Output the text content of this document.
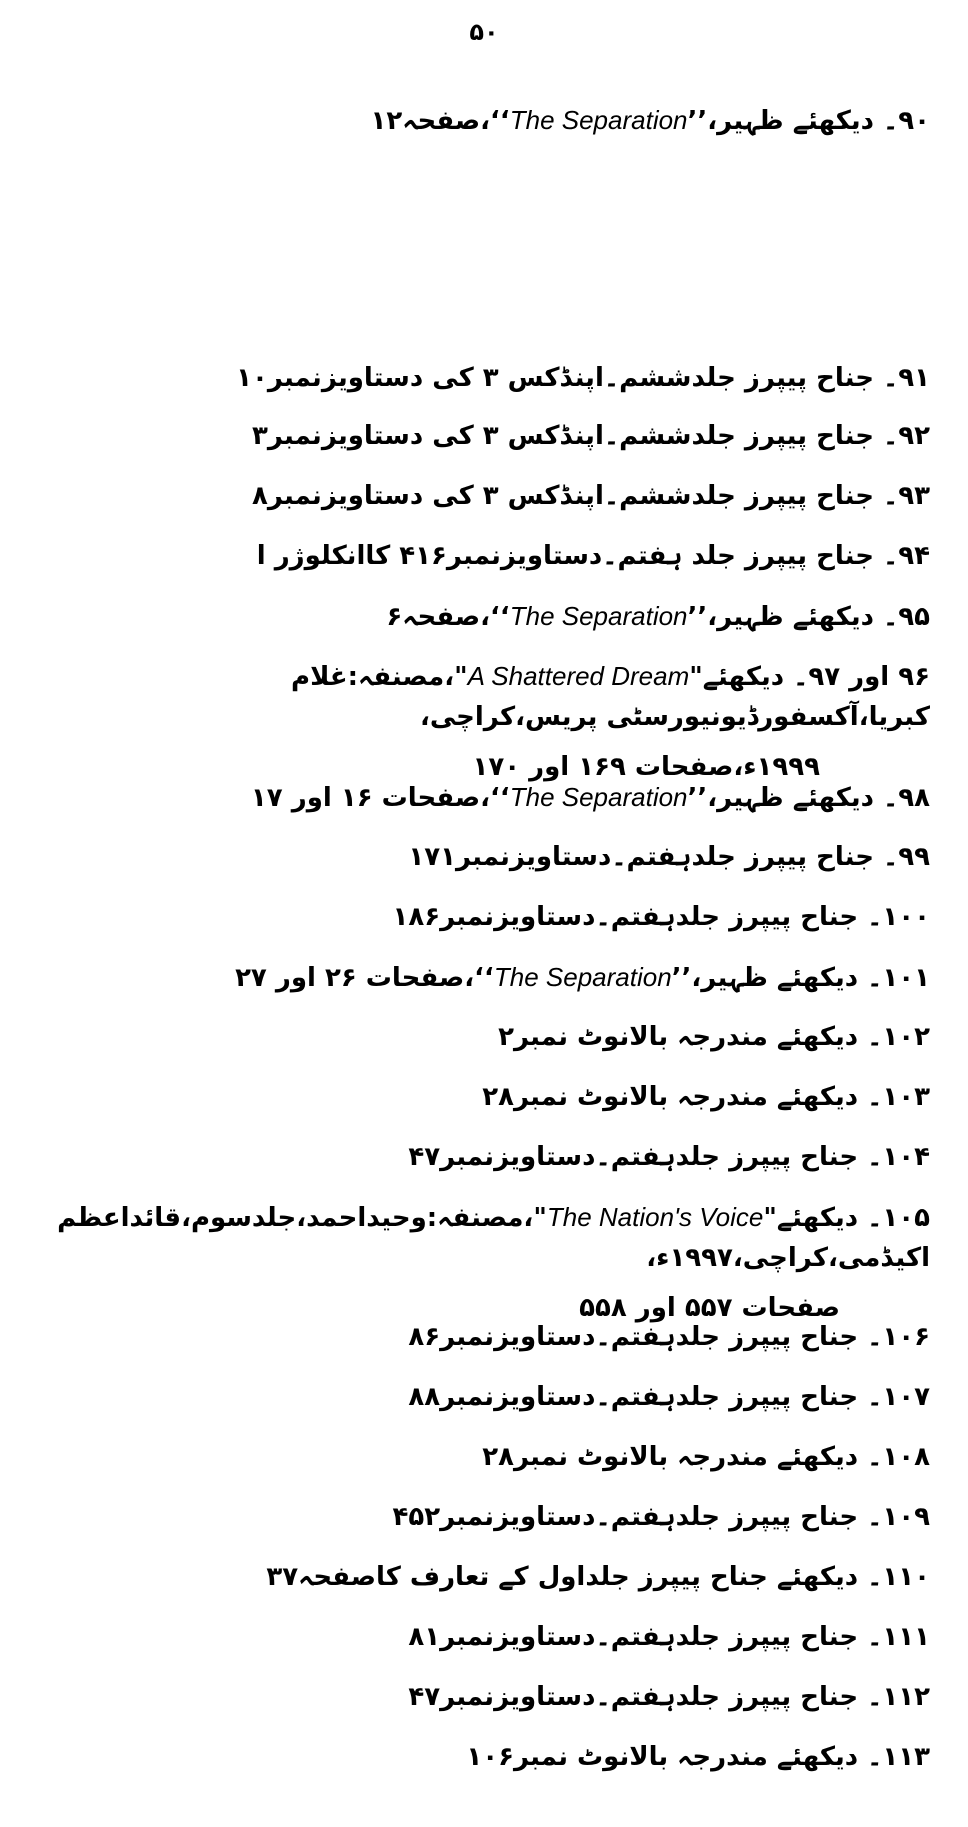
۵۰
۹۰۔ دیکھئے ظہیر،’’The Separation‘‘،صفحہ۱۲
۹۱۔ جناح پیپرز جلدششم۔اپنڈکس ۳ کی دستاویزنمبر۱۰
۹۲۔ جناح پیپرز جلدششم۔اپنڈکس ۳ کی دستاویزنمبر۳
۹۳۔ جناح پیپرز جلدششم۔اپنڈکس ۳ کی دستاویزنمبر۸
۹۴۔ جناح پیپرز جلد ہفتم۔دستاویزنمبر۴۱۶ کاانکلوژر ا
۹۵۔ دیکھئے ظہیر،’’The Separation‘‘،صفحہ۶
۹۶ اور ۹۷۔ دیکھئے"A Shattered Dream"،مصنفہ:غلام کبریا،آکسفورڈیونیورسٹی پریس،کراچی،
۱۹۹۹ء،صفحات ۱۶۹ اور ۱۷۰
۹۸۔ دیکھئے ظہیر،’’The Separation‘‘،صفحات ۱۶ اور ۱۷
۹۹۔ جناح پیپرز جلدہفتم۔دستاویزنمبر۱۷۱
۱۰۰۔ جناح پیپرز جلدہفتم۔دستاویزنمبر۱۸۶
۱۰۱۔ دیکھئے ظہیر،’’The Separation‘‘،صفحات ۲۶ اور ۲۷
۱۰۲۔ دیکھئے مندرجہ بالانوٹ نمبر۲
۱۰۳۔ دیکھئے مندرجہ بالانوٹ نمبر۲۸
۱۰۴۔ جناح پیپرز جلدہفتم۔دستاویزنمبر۴۷
۱۰۵۔ دیکھئے"The Nation's Voice"،مصنفہ:وحیداحمد،جلدسوم،قائداعظم اکیڈمی،کراچی،۱۹۹۷ء،
صفحات ۵۵۷ اور ۵۵۸
۱۰۶۔ جناح پیپرز جلدہفتم۔دستاویزنمبر۸۶
۱۰۷۔ جناح پیپرز جلدہفتم۔دستاویزنمبر۸۸
۱۰۸۔ دیکھئے مندرجہ بالانوٹ نمبر۲۸
۱۰۹۔ جناح پیپرز جلدہفتم۔دستاویزنمبر۴۵۲
۱۱۰۔ دیکھئے جناح پیپرز جلداول کے تعارف کاصفحہ۳۷
۱۱۱۔ جناح پیپرز جلدہفتم۔دستاویزنمبر۸۱
۱۱۲۔ جناح پیپرز جلدہفتم۔دستاویزنمبر۴۷
۱۱۳۔ دیکھئے مندرجہ بالانوٹ نمبر۱۰۶
